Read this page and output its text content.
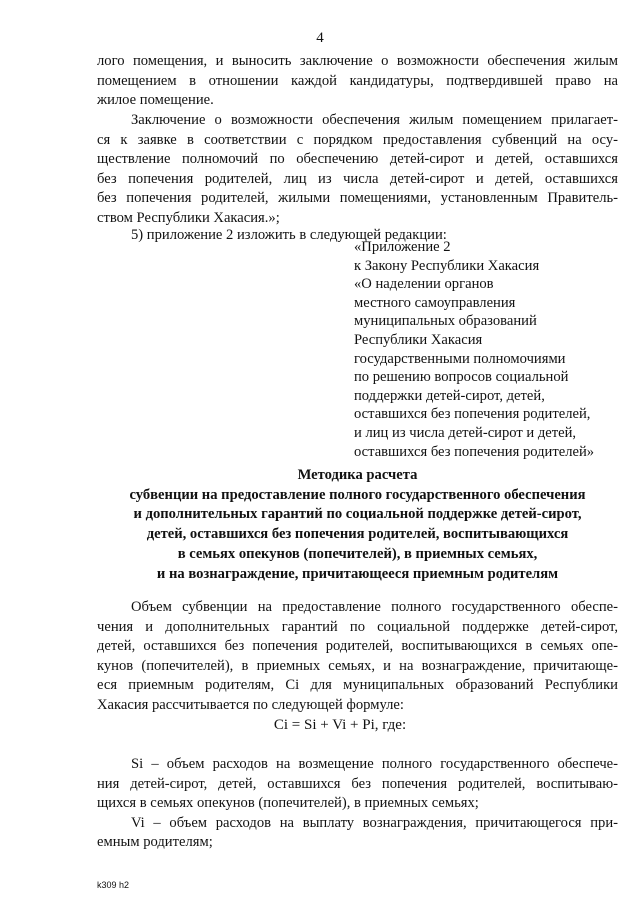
4
лого помещения, и выносить заключение о возможности обеспечения жилым
помещением в отношении каждой кандидатуры, подтвердившей право на
жилое помещение.
Заключение о возможности обеспечения жилым помещением прилагает-
ся к заявке в соответствии с порядком предоставления субвенций на осу-
ществление полномочий по обеспечению детей-сирот и детей, оставшихся
без попечения родителей, лиц из числа детей-сирот и детей, оставшихся
без попечения родителей, жилыми помещениями, установленным Правитель-
ством Республики Хакасия.»;
5) приложение 2 изложить в следующей редакции:
«Приложение 2
к Закону Республики Хакасия
«О наделении органов
местного самоуправления
муниципальных образований
Республики Хакасия
государственными полномочиями
по решению вопросов социальной
поддержки детей-сирот, детей,
оставшихся без попечения родителей,
и лиц из числа детей-сирот и детей,
оставшихся без попечения родителей»
Методика расчета
субвенции на предоставление полного государственного обеспечения
и дополнительных гарантий по социальной поддержке детей-сирот,
детей, оставшихся без попечения родителей, воспитывающихся
в семьях опекунов (попечителей), в приемных семьях,
и на вознаграждение, причитающееся приемным родителям
Объем субвенции на предоставление полного государственного обеспе-
чения и дополнительных гарантий по социальной поддержке детей-сирот,
детей, оставшихся без попечения родителей, воспитывающихся в семьях опе-
кунов (попечителей), в приемных семьях, и на вознаграждение, причитающе-
еся приемным родителям, Ci для муниципальных образований Республики
Хакасия рассчитывается по следующей формуле:
Ci = Si + Vi + Pi, где:
Si – объем расходов на возмещение полного государственного обеспече-
ния детей-сирот, детей, оставшихся без попечения родителей, воспитываю-
щихся в семьях опекунов (попечителей), в приемных семьях;
Vi – объем расходов на выплату вознаграждения, причитающегося при-
емным родителям;
k309 h2
